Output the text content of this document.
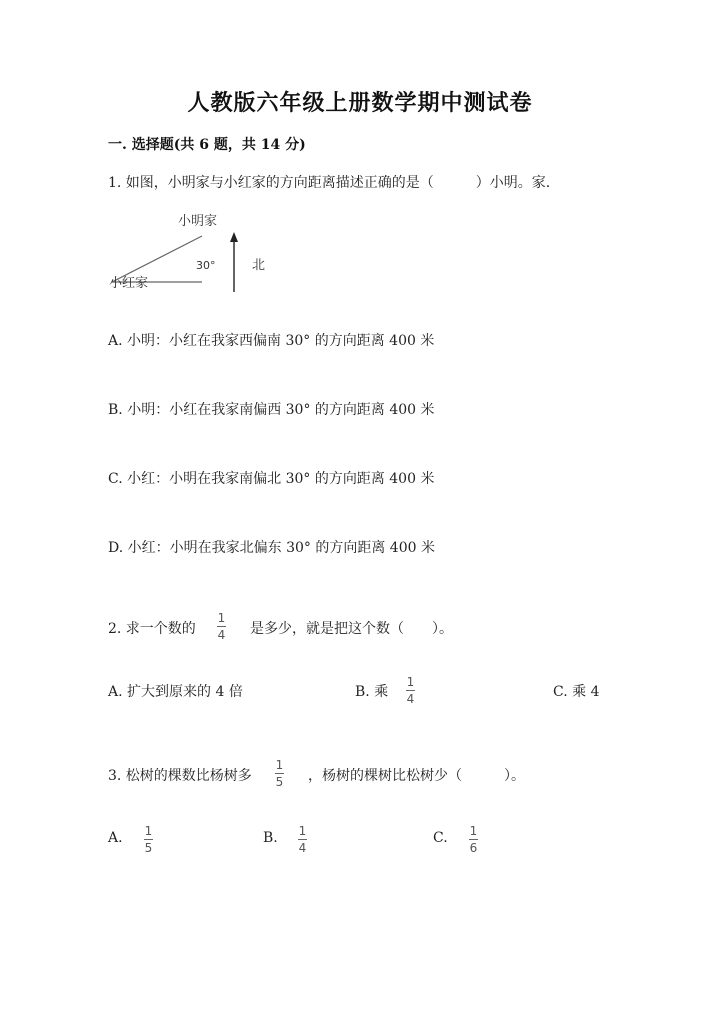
人教版六年级上册数学期中测试卷
一. 选择题(共 6 题，共 14 分)
1. 如图，小明家与小红家的方向距离描述正确的是（　　　）小明。家.
小明家
30°
小红家
北
A. 小明：小红在我家西偏南 30° 的方向距离 400 米
B. 小明：小红在我家南偏西 30° 的方向距离 400 米
C. 小红：小明在我家南偏北 30° 的方向距离 400 米
D. 小红：小明在我家北偏东 30° 的方向距离 400 米
2. 求一个数的
1
4 是多少，就是把这个数（　　）。
A. 扩大到原来的 4 倍	B. 乘
1
4	C. 乘 4
3. 松树的棵数比杨树多
1
5 ，杨树的棵树比松树少（　　　）。
A. 1
5
B. 1
4
C. 1
6
